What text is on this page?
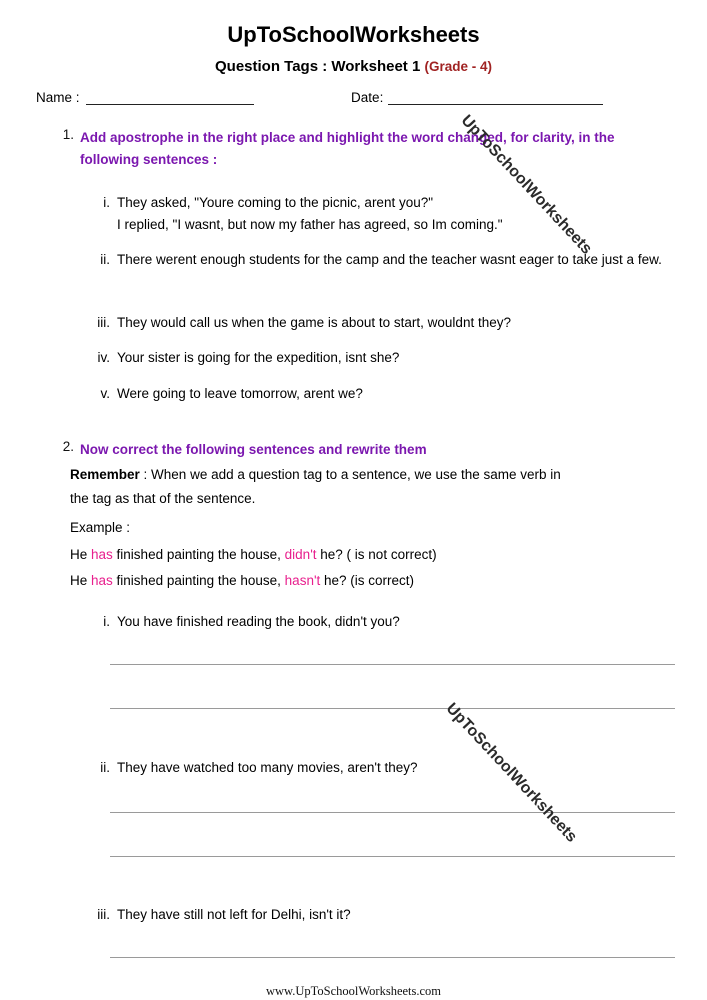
UpToSchoolWorksheets
Question Tags : Worksheet 1 (Grade - 4)
Name :	Date:
1. Add apostrophe in the right place and highlight the word changed, for clarity, in the following sentences :
i. They asked, "Youre coming to the picnic, arent you?"
I replied, "I wasnt, but now my father has agreed, so Im coming."
ii. There werent enough students for the camp and the teacher wasnt eager to take just a few.
iii. They would call us when the game is about to start, wouldnt they?
iv. Your sister is going for the expedition, isnt she?
v. Were going to leave tomorrow, arent we?
2. Now correct the following sentences and rewrite them
Remember : When we add a question tag to a sentence, we use the same verb in the tag as that of the sentence.
Example :
He has finished painting the house, didn't he? ( is not correct)
He has finished painting the house, hasn't he? (is correct)
i. You have finished reading the book, didn't you?
ii. They have watched too many movies, aren't they?
iii. They have still not left for Delhi, isn't it?
www.UpToSchoolWorksheets.com
UpToSchoolWorksheets
UpToSchoolWorksheets
